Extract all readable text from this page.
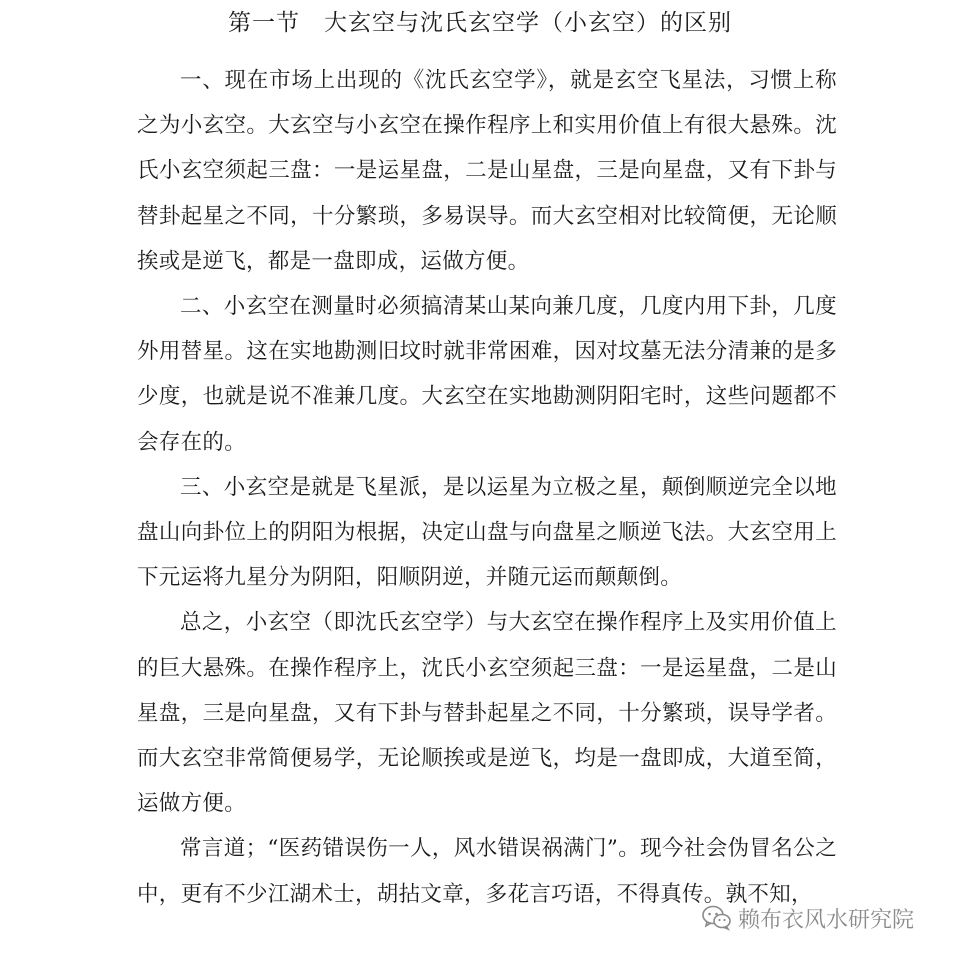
第一节　大玄空与沈氏玄空学（小玄空）的区别

一、现在市场上出现的《沈氏玄空学》，就是玄空飞星法，习惯上称之为小玄空。大玄空与小玄空在操作程序上和实用价值上有很大悬殊。沈氏小玄空须起三盘：一是运星盘，二是山星盘，三是向星盘，又有下卦与替卦起星之不同，十分繁琐，多易误导。而大玄空相对比较简便，无论顺挨或是逆飞，都是一盘即成，运做方便。

二、小玄空在测量时必须搞清某山某向兼几度，几度内用下卦，几度外用替星。这在实地勘测旧坟时就非常困难，因对坟墓无法分清兼的是多少度，也就是说不准兼几度。大玄空在实地勘测阴阳宅时，这些问题都不会存在的。

三、小玄空是就是飞星派，是以运星为立极之星，颠倒顺逆完全以地盘山向卦位上的阴阳为根据，决定山盘与向盘星之顺逆飞法。大玄空用上下元运将九星分为阴阳，阳顺阴逆，并随元运而颠颠倒。

总之，小玄空（即沈氏玄空学）与大玄空在操作程序上及实用价值上的巨大悬殊。在操作程序上，沈氏小玄空须起三盘：一是运星盘，二是山星盘，三是向星盘，又有下卦与替卦起星之不同，十分繁琐，误导学者。而大玄空非常简便易学，无论顺挨或是逆飞，均是一盘即成，大道至简，运做方便。

常言道；“医药错误伤一人，风水错误祸满门”。现今社会伪冒名公之中，更有不少江湖术士，胡拈文章，多花言巧语，不得真传。孰不知，

赖布衣风水研究院
